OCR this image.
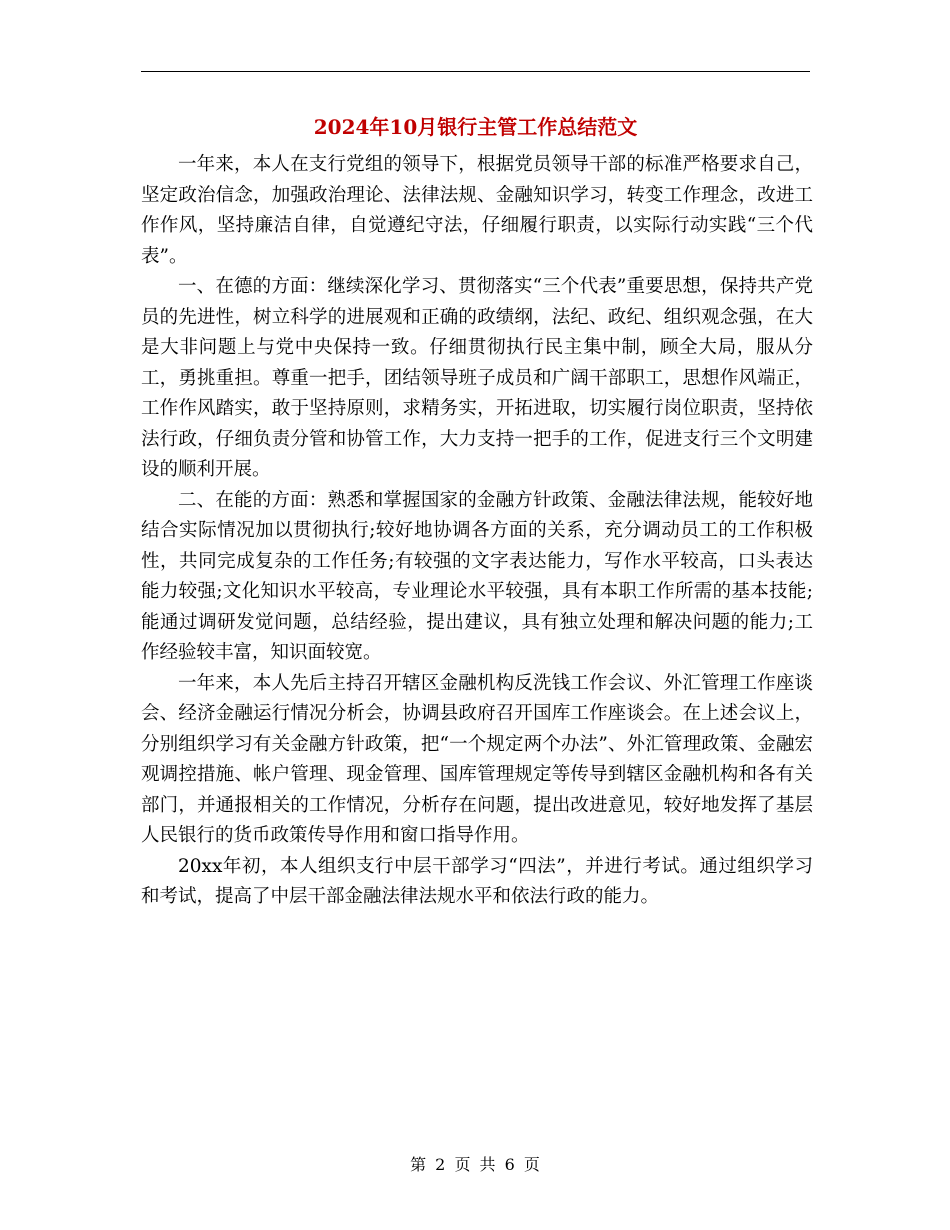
2024年10月银行主管工作总结范文

一年来，本人在支行党组的领导下，根据党员领导干部的标准严格要求自己，坚定政治信念，加强政治理论、法律法规、金融知识学习，转变工作理念，改进工作作风，坚持廉洁自律，自觉遵纪守法，仔细履行职责，以实际行动实践“三个代表”。

一、在德的方面：继续深化学习、贯彻落实“三个代表”重要思想，保持共产党员的先进性，树立科学的进展观和正确的政绩纲，法纪、政纪、组织观念强，在大是大非问题上与党中央保持一致。仔细贯彻执行民主集中制，顾全大局，服从分工，勇挑重担。尊重一把手，团结领导班子成员和广阔干部职工，思想作风端正，工作作风踏实，敢于坚持原则，求精务实，开拓进取，切实履行岗位职责，坚持依法行政，仔细负责分管和协管工作，大力支持一把手的工作，促进支行三个文明建设的顺利开展。

二、在能的方面：熟悉和掌握国家的金融方针政策、金融法律法规，能较好地结合实际情况加以贯彻执行;较好地协调各方面的关系，充分调动员工的工作积极性，共同完成复杂的工作任务;有较强的文字表达能力，写作水平较高，口头表达能力较强;文化知识水平较高，专业理论水平较强，具有本职工作所需的基本技能;能通过调研发觉问题，总结经验，提出建议，具有独立处理和解决问题的能力;工作经验较丰富，知识面较宽。

一年来，本人先后主持召开辖区金融机构反洗钱工作会议、外汇管理工作座谈会、经济金融运行情况分析会，协调县政府召开国库工作座谈会。在上述会议上，分别组织学习有关金融方针政策，把“一个规定两个办法”、外汇管理政策、金融宏观调控措施、帐户管理、现金管理、国库管理规定等传导到辖区金融机构和各有关部门，并通报相关的工作情况，分析存在问题，提出改进意见，较好地发挥了基层人民银行的货币政策传导作用和窗口指导作用。

20xx年初，本人组织支行中层干部学习“四法”，并进行考试。通过组织学习和考试，提高了中层干部金融法律法规水平和依法行政的能力。

第 2 页 共 6 页
